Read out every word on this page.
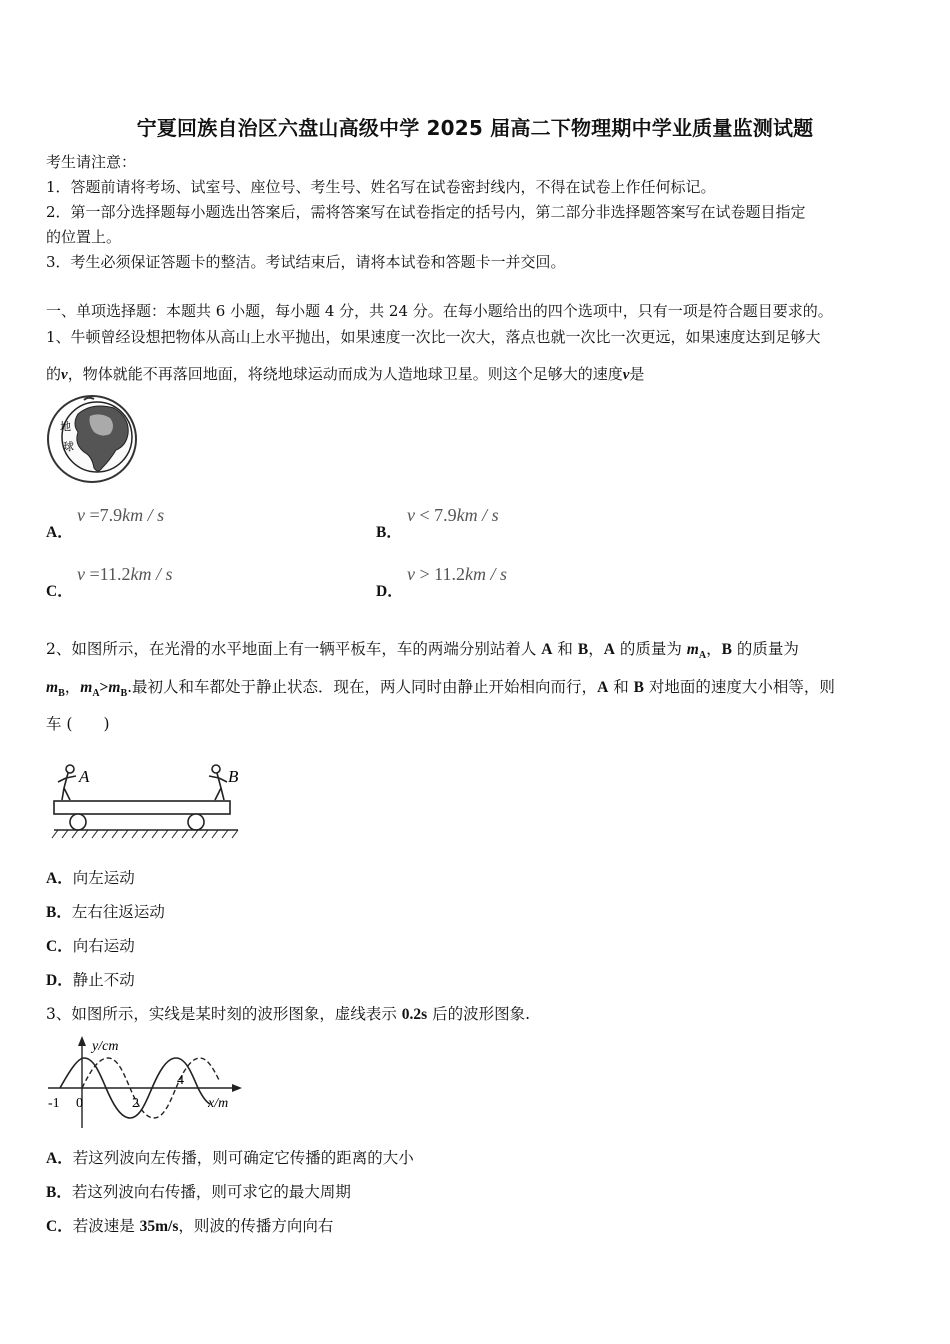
宁夏回族自治区六盘山高级中学 2025 届高二下物理期中学业质量监测试题
考生请注意：
1．答题前请将考场、试室号、座位号、考生号、姓名写在试卷密封线内，不得在试卷上作任何标记。
2．第一部分选择题每小题选出答案后，需将答案写在试卷指定的括号内，第二部分非选择题答案写在试卷题目指定
的位置上。
3．考生必须保证答题卡的整洁。考试结束后，请将本试卷和答题卡一并交回。
一、单项选择题：本题共 6 小题，每小题 4 分，共 24 分。在每小题给出的四个选项中，只有一项是符合题目要求的。
1、牛顿曾经设想把物体从高山上水平抛出，如果速度一次比一次大，落点也就一次比一次更远，如果速度达到足够大
的v，物体就能不再落回地面，将绕地球运动而成为人造地球卫星。则这个足够大的速度v是
地
球
A．
v =7.9km / s
B．
v < 7.9km / s
C．
v =11.2km / s
D．
v > 11.2km / s
2、如图所示，在光滑的水平地面上有一辆平板车，车的两端分别站着人 A 和 B，A 的质量为 $m_A$，B 的质量为
$m_B$，$m_A>m_B$.最初人和车都处于静止状态．现在，两人同时由静止开始相向而行，A 和 B 对地面的速度大小相等，则
车 (　　)
A	B
A．向左运动
B．左右往返运动
C．向右运动
D．静止不动
3、如图所示，实线是某时刻的波形图象，虚线表示 0.2s 后的波形图象.
y/cm
x/m
-1 0	2
4
A．若这列波向左传播，则可确定它传播的距离的大小
B．若这列波向右传播，则可求它的最大周期
C．若波速是 35m/s，则波的传播方向向右
